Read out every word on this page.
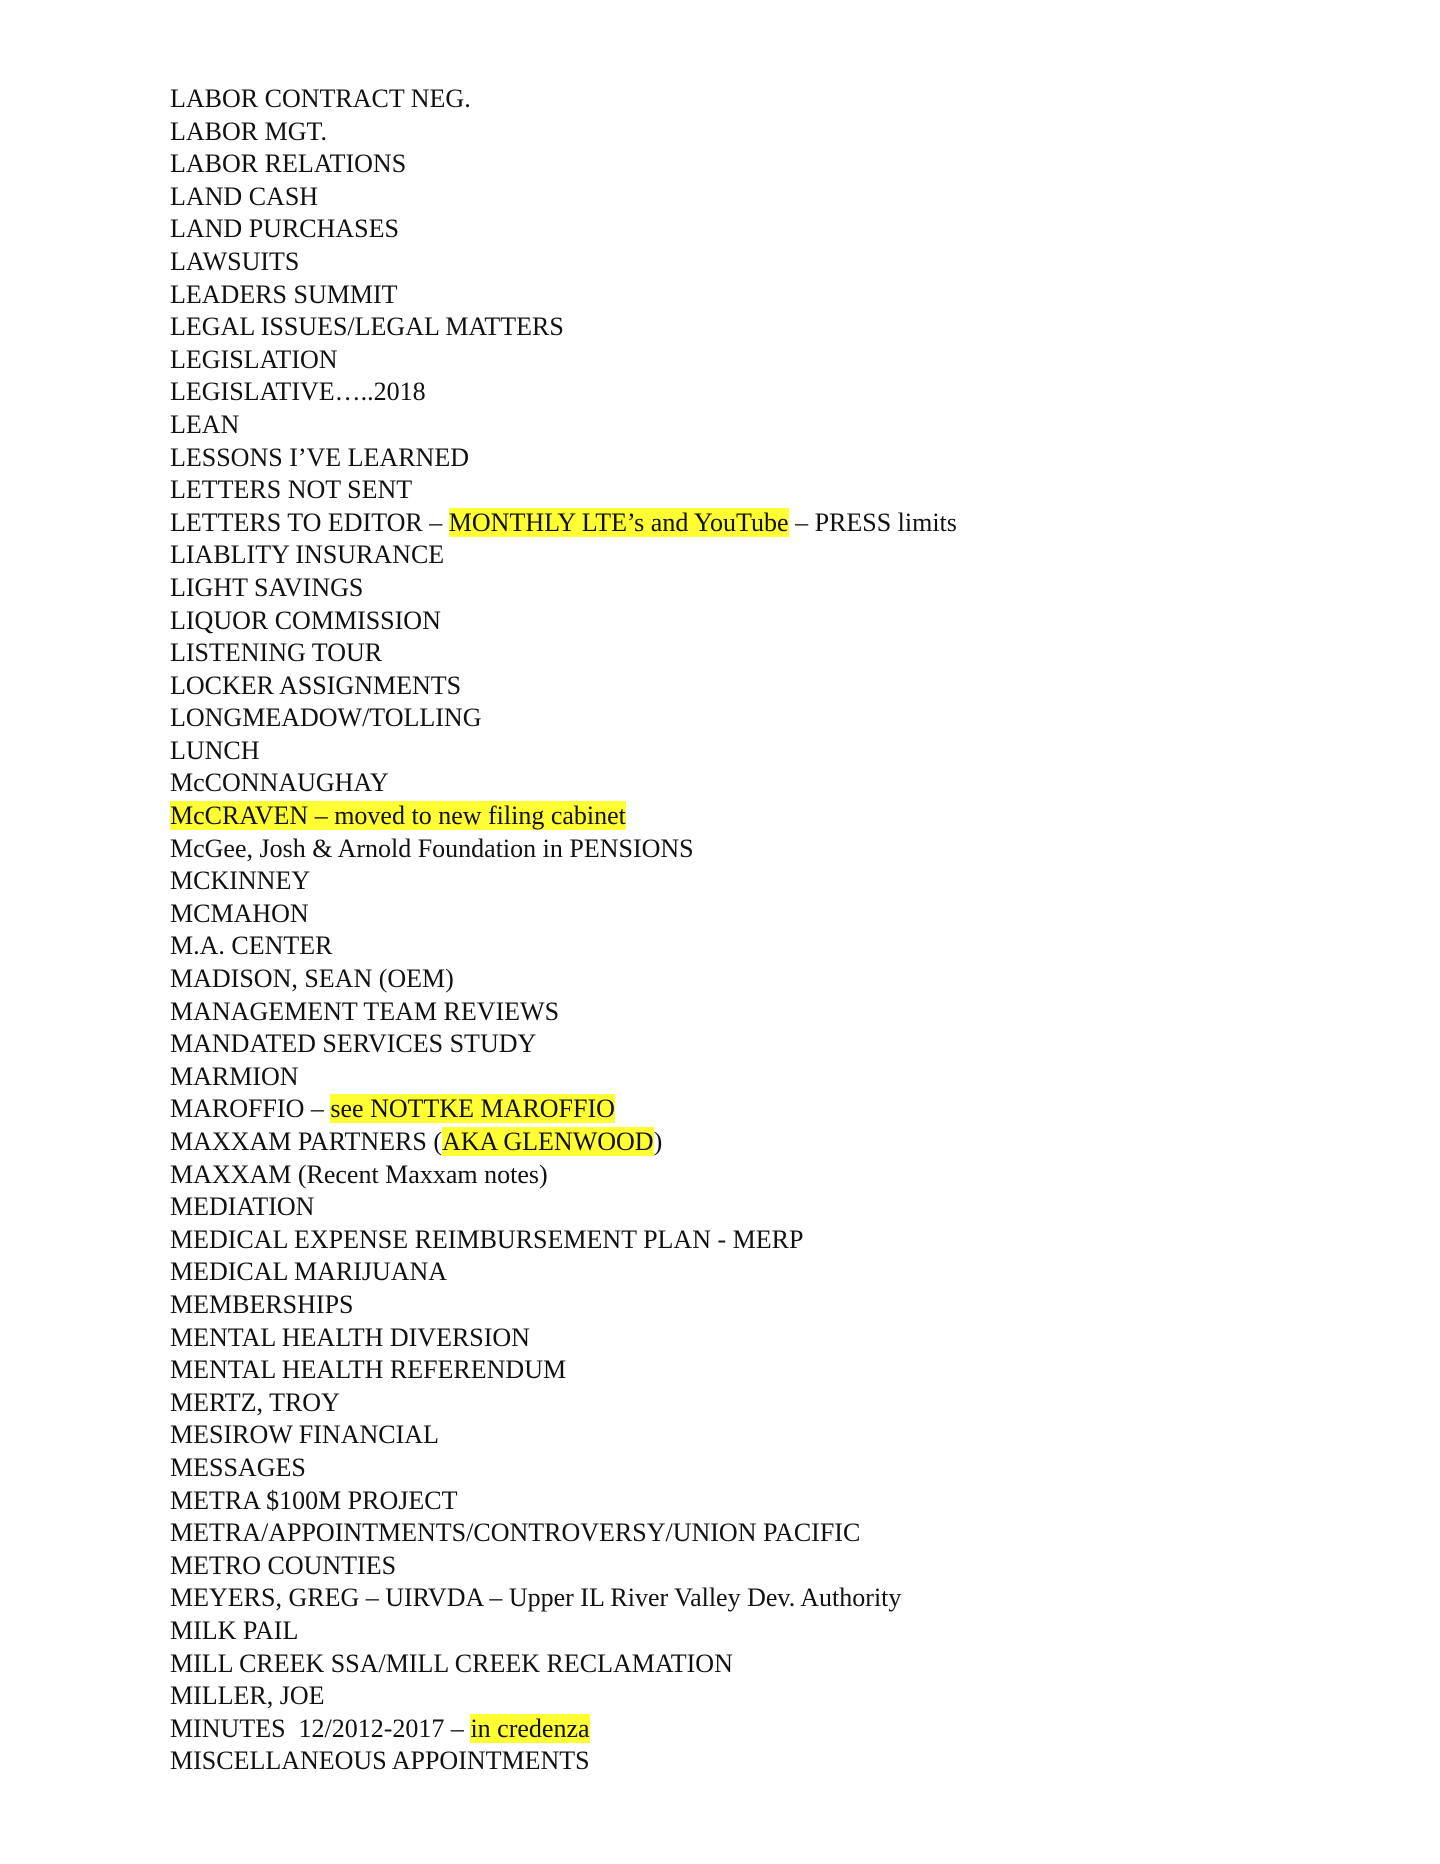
LABOR CONTRACT NEG.
LABOR MGT.
LABOR RELATIONS
LAND CASH
LAND PURCHASES
LAWSUITS
LEADERS SUMMIT
LEGAL ISSUES/LEGAL MATTERS
LEGISLATION
LEGISLATIVE…..2018
LEAN
LESSONS I’VE LEARNED
LETTERS NOT SENT
LETTERS TO EDITOR – MONTHLY LTE’s and YouTube – PRESS limits
LIABLITY INSURANCE
LIGHT SAVINGS
LIQUOR COMMISSION
LISTENING TOUR
LOCKER ASSIGNMENTS
LONGMEADOW/TOLLING
LUNCH
McCONNAUGHAY
McCRAVEN – moved to new filing cabinet
McGee, Josh & Arnold Foundation in PENSIONS
MCKINNEY
MCMAHON
M.A. CENTER
MADISON, SEAN (OEM)
MANAGEMENT TEAM REVIEWS
MANDATED SERVICES STUDY
MARMION
MAROFFIO – see NOTTKE MAROFFIO
MAXXAM PARTNERS (AKA GLENWOOD)
MAXXAM (Recent Maxxam notes)
MEDIATION
MEDICAL EXPENSE REIMBURSEMENT PLAN - MERP
MEDICAL MARIJUANA
MEMBERSHIPS
MENTAL HEALTH DIVERSION
MENTAL HEALTH REFERENDUM
MERTZ, TROY
MESIROW FINANCIAL
MESSAGES
METRA $100M PROJECT
METRA/APPOINTMENTS/CONTROVERSY/UNION PACIFIC
METRO COUNTIES
MEYERS, GREG – UIRVDA – Upper IL River Valley Dev. Authority
MILK PAIL
MILL CREEK SSA/MILL CREEK RECLAMATION
MILLER, JOE
MINUTES  12/2012-2017 – in credenza
MISCELLANEOUS APPOINTMENTS
